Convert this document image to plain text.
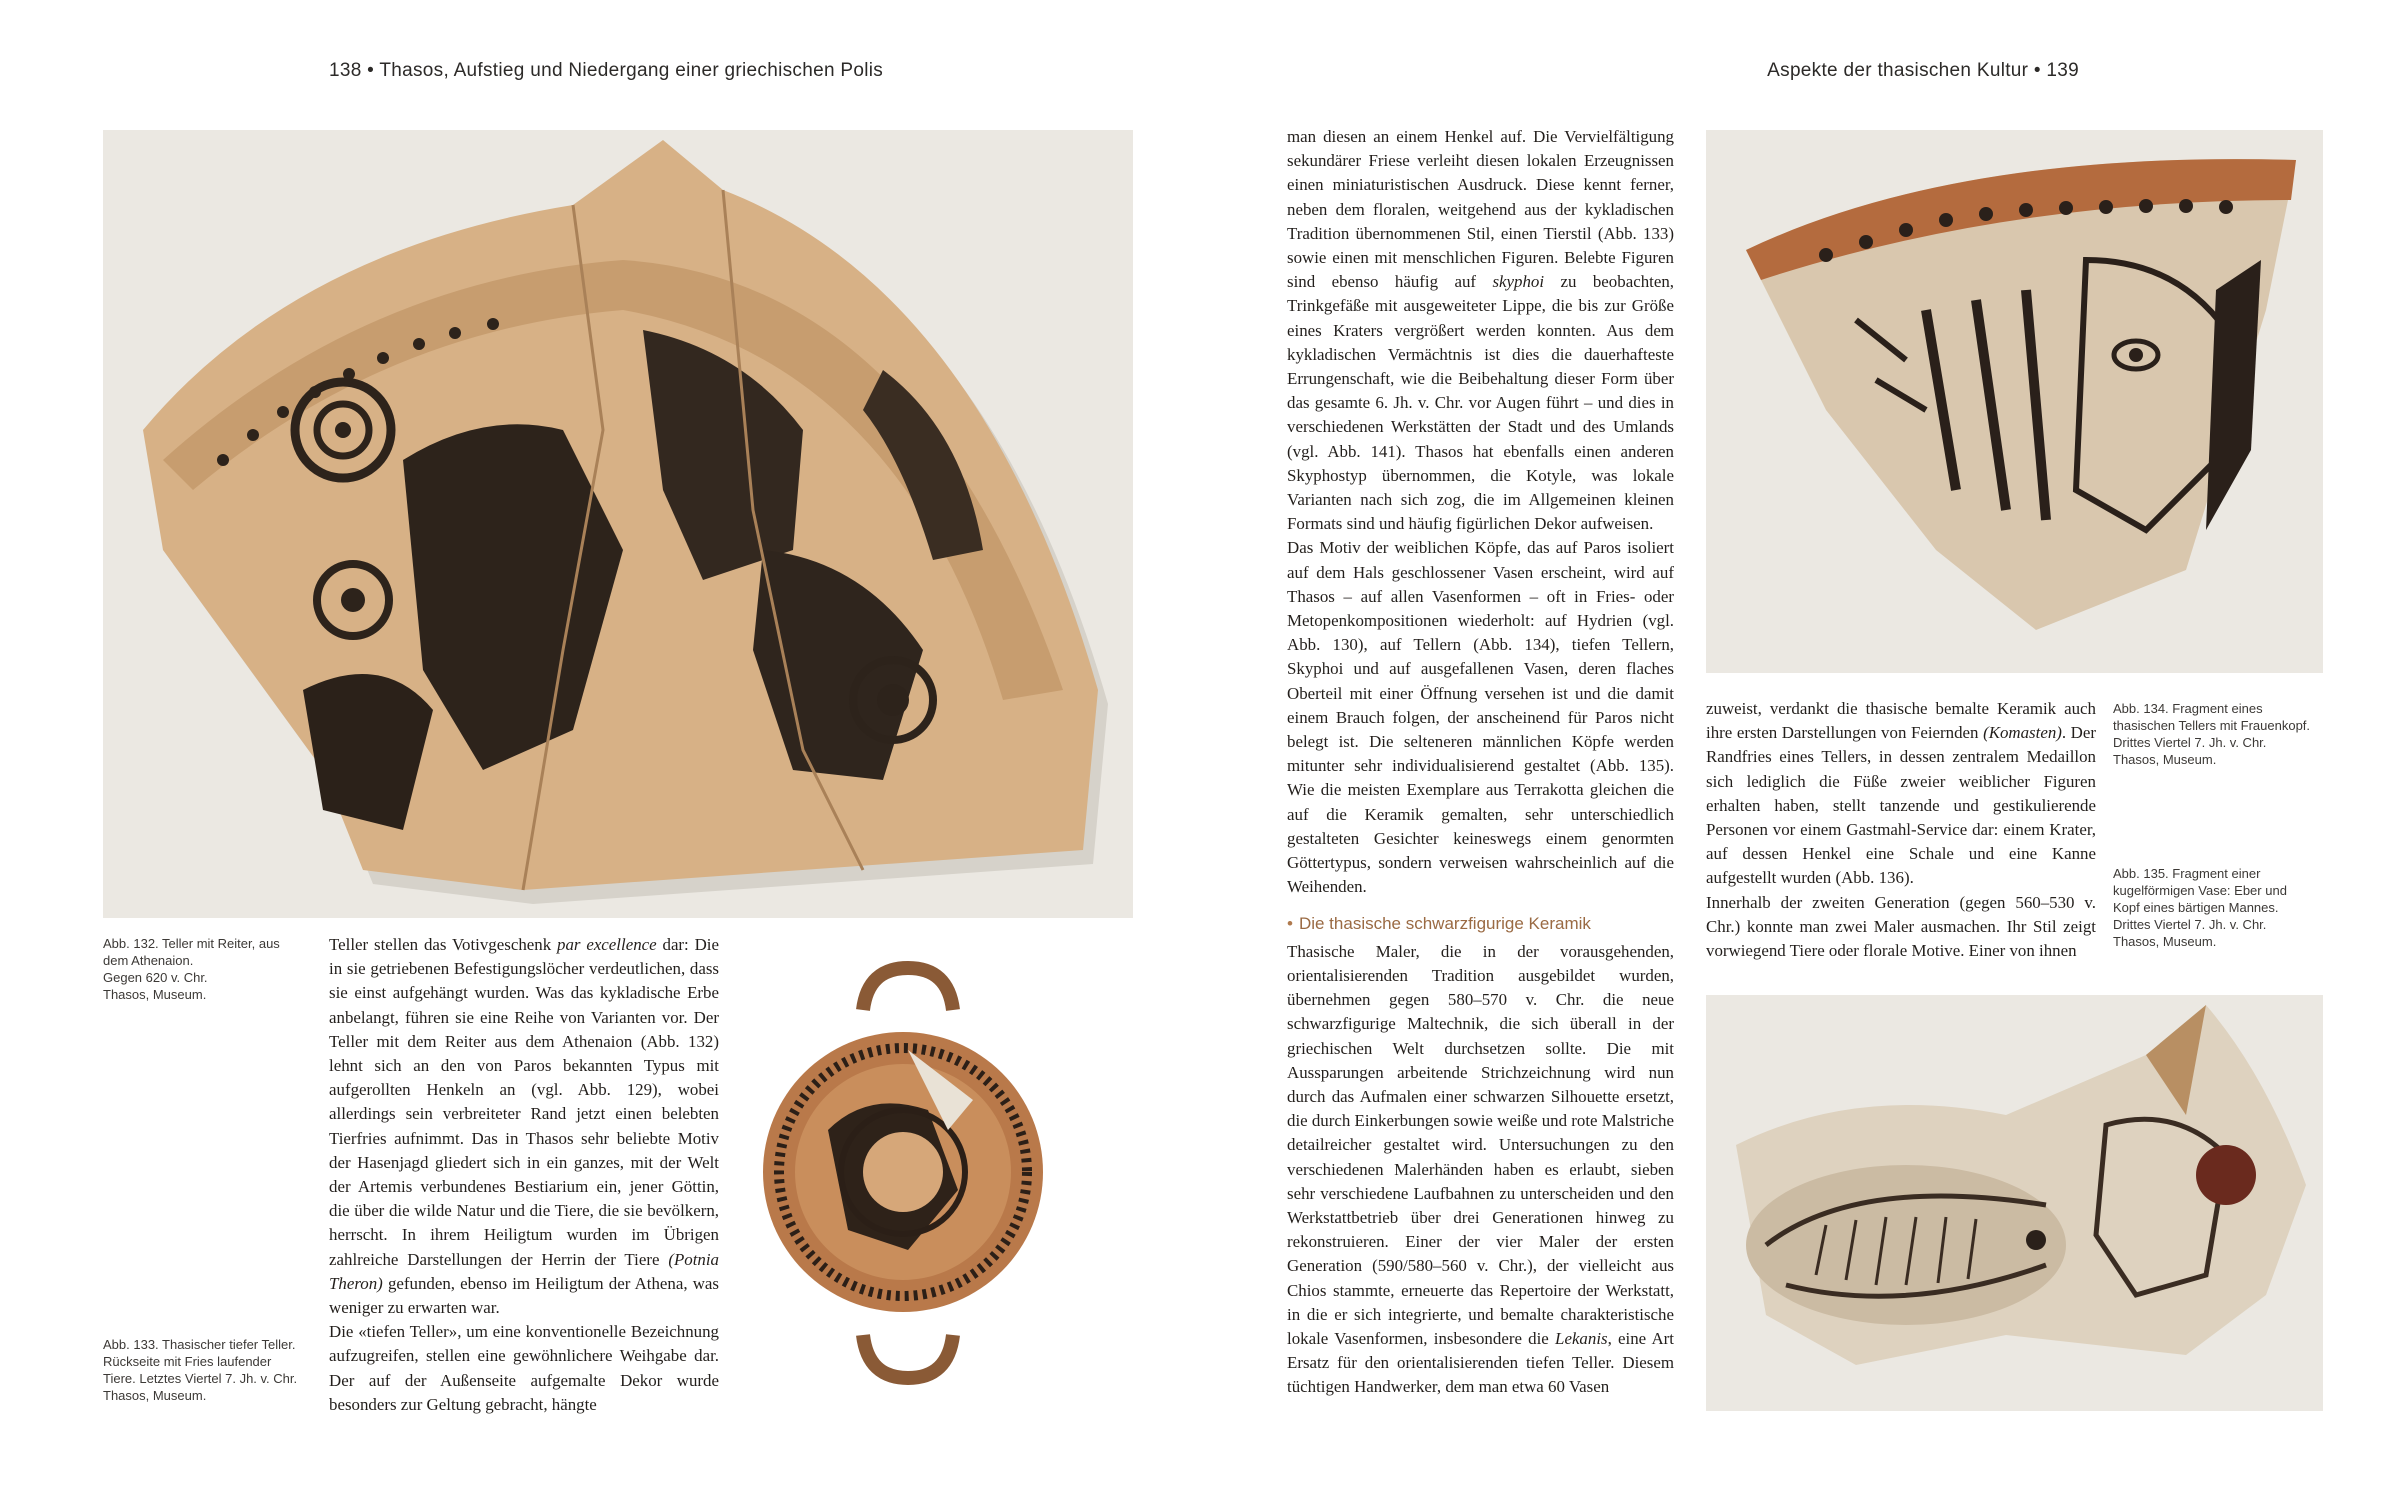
138 • Thasos, Aufstieg und Niedergang einer griechischen Polis	Aspekte der thasischen Kultur • 139
Abb. 132. Teller mit Reiter, aus
dem Athenaion.
Gegen 620 v. Chr.
Thasos, Museum.
Abb. 133. Thasischer tiefer Teller.
Rückseite mit Fries laufender
Tiere. Letztes Viertel 7. Jh. v. Chr.
Thasos, Museum.
Abb. 134. Fragment eines
thasischen Tellers mit Frauenkopf.
Drittes Viertel 7. Jh. v. Chr.
Thasos, Museum.
Abb. 135. Fragment einer
kugelförmigen Vase: Eber und
Kopf eines bärtigen Mannes.
Drittes Viertel 7. Jh. v. Chr.
Thasos, Museum.

Teller stellen das Votivgeschenk par excellence dar: Die in sie getriebenen Befestigungslöcher verdeutlichen, dass sie einst aufgehängt wurden. Was das kykladische Erbe anbelangt, führen sie eine Reihe von Varianten vor. Der Teller mit dem Reiter aus dem Athenaion (Abb. 132) lehnt sich an den von Paros bekannten Typus mit aufgerollten Henkeln an (vgl. Abb. 129), wobei allerdings sein verbreiteter Rand jetzt einen belebten Tierfries aufnimmt. Das in Thasos sehr beliebte Motiv der Hasenjagd gliedert sich in ein ganzes, mit der Welt der Artemis verbundenes Bestiarium ein, jener Göttin, die über die wilde Natur und die Tiere, die sie bevölkern, herrscht. In ihrem Heiligtum wurden im Übrigen zahlreiche Darstellungen der Herrin der Tiere (Potnia Theron) gefunden, ebenso im Heiligtum der Athena, was weniger zu erwarten war.

Die «tiefen Teller», um eine konventionelle Bezeichnung aufzugreifen, stellen eine gewöhnlichere Weihgabe dar. Der auf der Außenseite aufgemalte Dekor wurde besonders zur Geltung gebracht, hängte

man diesen an einem Henkel auf. Die Vervielfältigung sekundärer Friese verleiht diesen lokalen Erzeugnissen einen miniaturistischen Ausdruck. Diese kennt ferner, neben dem floralen, weitgehend aus der kykladischen Tradition übernommenen Stil, einen Tierstil (Abb. 133) sowie einen mit menschlichen Figuren. Belebte Figuren sind ebenso häufig auf skyphoi zu beobachten, Trinkgefäße mit ausgeweiteter Lippe, die bis zur Größe eines Kraters vergrößert werden konnten. Aus dem kykladischen Vermächtnis ist dies die dauerhafteste Errungenschaft, wie die Beibehaltung dieser Form über das gesamte 6. Jh. v. Chr. vor Augen führt – und dies in verschiedenen Werkstätten der Stadt und des Umlands (vgl. Abb. 141). Thasos hat ebenfalls einen anderen Skyphostyp übernommen, die Kotyle, was lokale Varianten nach sich zog, die im Allgemeinen kleinen Formats sind und häufig figürlichen Dekor aufweisen.

Das Motiv der weiblichen Köpfe, das auf Paros isoliert auf dem Hals geschlossener Vasen erscheint, wird auf Thasos – auf allen Vasenformen – oft in Fries- oder Metopenkompositionen wiederholt: auf Hydrien (vgl. Abb. 130), auf Tellern (Abb. 134), tiefen Tellern, Skyphoi und auf ausgefallenen Vasen, deren flaches Oberteil mit einer Öffnung versehen ist und die damit einem Brauch folgen, der anscheinend für Paros nicht belegt ist. Die selteneren männlichen Köpfe werden mitunter sehr individualisierend gestaltet (Abb. 135). Wie die meisten Exemplare aus Terrakotta gleichen die auf die Keramik gemalten, sehr unterschiedlich gestalteten Gesichter keineswegs einem genormten Göttertypus, sondern verweisen wahrscheinlich auf die Weihenden.

• Die thasische schwarzfigurige Keramik

Thasische Maler, die in der vorausgehenden, orientalisierenden Tradition ausgebildet wurden, übernehmen gegen 580–570 v. Chr. die neue schwarzfigurige Maltechnik, die sich überall in der griechischen Welt durchsetzen sollte. Die mit Aussparungen arbeitende Strichzeichnung wird nun durch das Aufmalen einer schwarzen Silhouette ersetzt, die durch Einkerbungen sowie weiße und rote Malstriche detailreicher gestaltet wird. Untersuchungen zu den verschiedenen Malerhänden haben es erlaubt, sieben sehr verschiedene Laufbahnen zu unterscheiden und den Werkstattbetrieb über drei Generationen hinweg zu rekonstruieren. Einer der vier Maler der ersten Generation (590/580–560 v. Chr.), der vielleicht aus Chios stammte, erneuerte das Repertoire der Werkstatt, in die er sich integrierte, und bemalte charakteristische lokale Vasenformen, insbesondere die Lekanis, eine Art Ersatz für den orientalisierenden tiefen Teller. Diesem tüchtigen Handwerker, dem man etwa 60 Vasen

zuweist, verdankt die thasische bemalte Keramik auch ihre ersten Darstellungen von Feiernden (Komasten). Der Randfries eines Tellers, in dessen zentralem Medaillon sich lediglich die Füße zweier weiblicher Figuren erhalten haben, stellt tanzende und gestikulierende Personen vor einem Gastmahl-Service dar: einem Krater, auf dessen Henkel eine Schale und eine Kanne aufgestellt wurden (Abb. 136).

Innerhalb der zweiten Generation (gegen 560–530 v. Chr.) konnte man zwei Maler ausmachen. Ihr Stil zeigt vorwiegend Tiere oder florale Motive. Einer von ihnen
